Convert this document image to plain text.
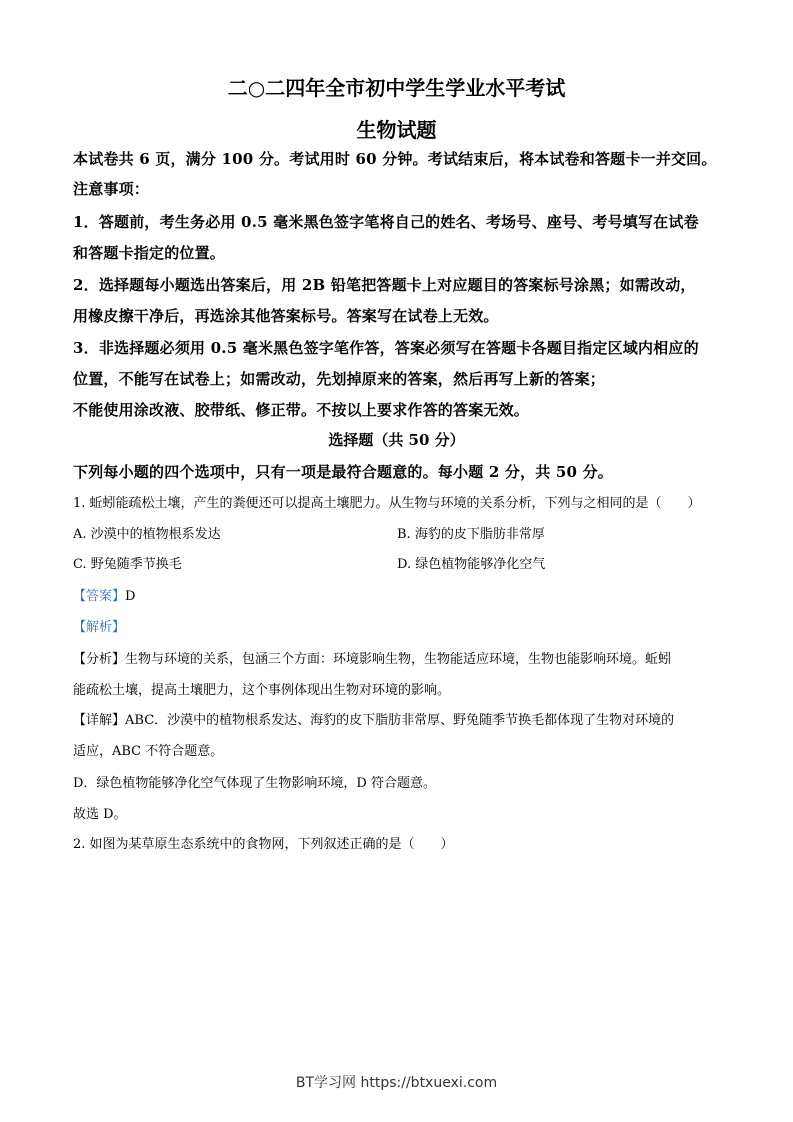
二○二四年全市初中学生学业水平考试
生物试题
本试卷共 6 页，满分 100 分。考试用时 60 分钟。考试结束后，将本试卷和答题卡一并交回。
注意事项：
1．答题前，考生务必用 0.5 毫米黑色签字笔将自己的姓名、考场号、座号、考号填写在试卷
和答题卡指定的位置。
2．选择题每小题选出答案后，用 2B 铅笔把答题卡上对应题目的答案标号涂黑；如需改动，
用橡皮擦干净后，再选涂其他答案标号。答案写在试卷上无效。
3．非选择题必须用 0.5 毫米黑色签字笔作答，答案必须写在答题卡各题目指定区域内相应的
位置，不能写在试卷上；如需改动，先划掉原来的答案，然后再写上新的答案；
不能使用涂改液、胶带纸、修正带。不按以上要求作答的答案无效。
选择题（共 50 分）
下列每小题的四个选项中，只有一项是最符合题意的。每小题 2 分，共 50 分。
1. 蚯蚓能疏松土壤，产生的粪便还可以提高土壤肥力。从生物与环境的关系分析，下列与之相同的是（　　）
A. 沙漠中的植物根系发达	B. 海豹的皮下脂肪非常厚
C. 野兔随季节换毛	D. 绿色植物能够净化空气
【答案】D
【解析】
【分析】生物与环境的关系，包涵三个方面：环境影响生物，生物能适应环境，生物也能影响环境。蚯蚓
能疏松土壤，提高土壤肥力，这个事例体现出生物对环境的影响。
【详解】ABC．沙漠中的植物根系发达、海豹的皮下脂肪非常厚、野兔随季节换毛都体现了生物对环境的
适应，ABC 不符合题意。
D．绿色植物能够净化空气体现了生物影响环境，D 符合题意。
故选 D。
2. 如图为某草原生态系统中的食物网，下列叙述正确的是（　　）
BT学习网 https://btxuexi.com
